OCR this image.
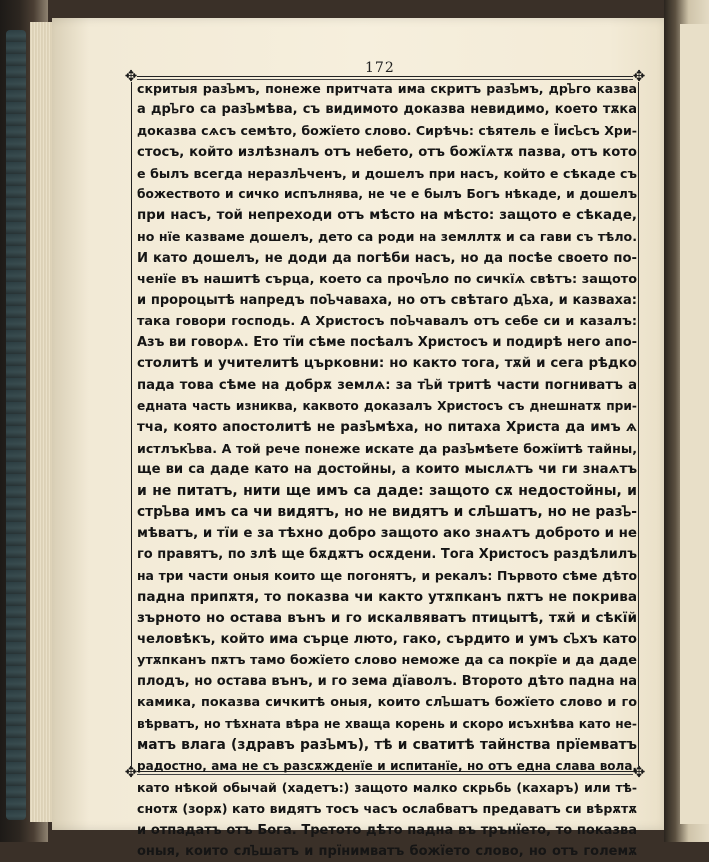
172
✥	✥
✥	✥
скритыя разᲆмъ, понеже притчата има скритъ разᲆмъ, дрᲆго казва
а дрᲆго са разᲆмѣва, съ видимото доказва невидимо, което тѫка
доказва сѧсъ семѣто, божїето слово. Сирѣчь: сѣятель е Їисᲆсъ Хри-
стосъ, който излѣзналъ отъ небето, отъ божїѧтѫ пазва, отъ кото
е былъ всегда неразлᲆченъ, и дошелъ при насъ, който е сѣкаде съ
божеството и сичко испълнява, не че е былъ Богъ нѣкаде, и дошелъ
при насъ, той непреходи отъ мѣсто на мѣсто: защото е сѣкаде,
но нїе казваме дошелъ, дето са роди на земллтѫ и са гави съ тѣло.
И като дошелъ, не доди да погѣби насъ, но да посѣе своето по-
ченїе въ нашитѣ сърца, което са прочᲆло по сичкїѧ свѣтъ: защото
и пророцытѣ напредъ поᲆчаваха, но отъ свѣтаго дᲆха, и казваха:
така говори господь. А Христосъ поᲆчавалъ отъ себе си и казалъ:
Азъ ви говорѧ. Ето тїи сѣме посѣалъ Христосъ и подирѣ него апо-
столитѣ и учителитѣ църковни: но както тога, тѫй и сега рѣдко
пада това сѣме на добрѫ землѧ: за тᲆй тритѣ части погниватъ а
едната часть изниква, каквото доказалъ Христосъ съ днешнатѫ при-
тча, която апостолитѣ не разᲆмѣха, но питаха Христа да имъ ѧ
истлъкᲆва. А той рече понеже искате да разᲆмѣете божїитѣ тайны,
ще ви са даде като на достойны, а които мыслѧтъ чи ги знаѧтъ
и не питатъ, нити ще имъ са даде: защото сѫ недостойны, и
стрᲆва имъ са чи видятъ, но не видятъ и слᲆшатъ, но не разᲆ-
мѣватъ, и тїи е за тѣхно добро защото ако знаѧтъ доброто и не
го правятъ, по злѣ ще бѫдѫтъ осѫдени. Тога Христосъ раздѣлилъ
на три части оныя които ще погонятъ, и рекалъ: Първото сѣме дѣто
падна припѫтя, то показва чи както утѫпканъ пѫтъ не покрива
зърното но остава вънъ и го искалвяватъ птицытѣ, тѫй и сѣкїй
человѣкъ, който има сърце лютo, гако, сърдито и умъ сᲆхъ като
утѫпканъ пѫтъ тамо божїето слово неможе да са покрїе и да даде
плодъ, но остава вънъ, и го зема дїаволъ. Второто дѣто падна на
камика, показва сичкитѣ оныя, които слᲆшатъ божїето слово и го
вѣрватъ, но тѣхната вѣра не хваща корень и скоро исъхнѣва като не-
матъ влага (здравъ разᲆмъ), тѣ и сватитѣ тайнства прїемватъ
радостно, ама не съ разсѫжденїе и испитанїе, но отъ една слава вола,
като нѣкой обычай (хадетъ:) защото малко скрьбь (кахаръ) или тѣ-
снотѫ (зорѫ) като видятъ тосъ часъ ослабватъ предаватъ си вѣрѫтѫ
и отпадатъ отъ Бога. Третото дѣто падна въ трънїето, то показва
оныя, които слᲆшатъ и прїнимватъ божїето слово, но отъ големѫ
